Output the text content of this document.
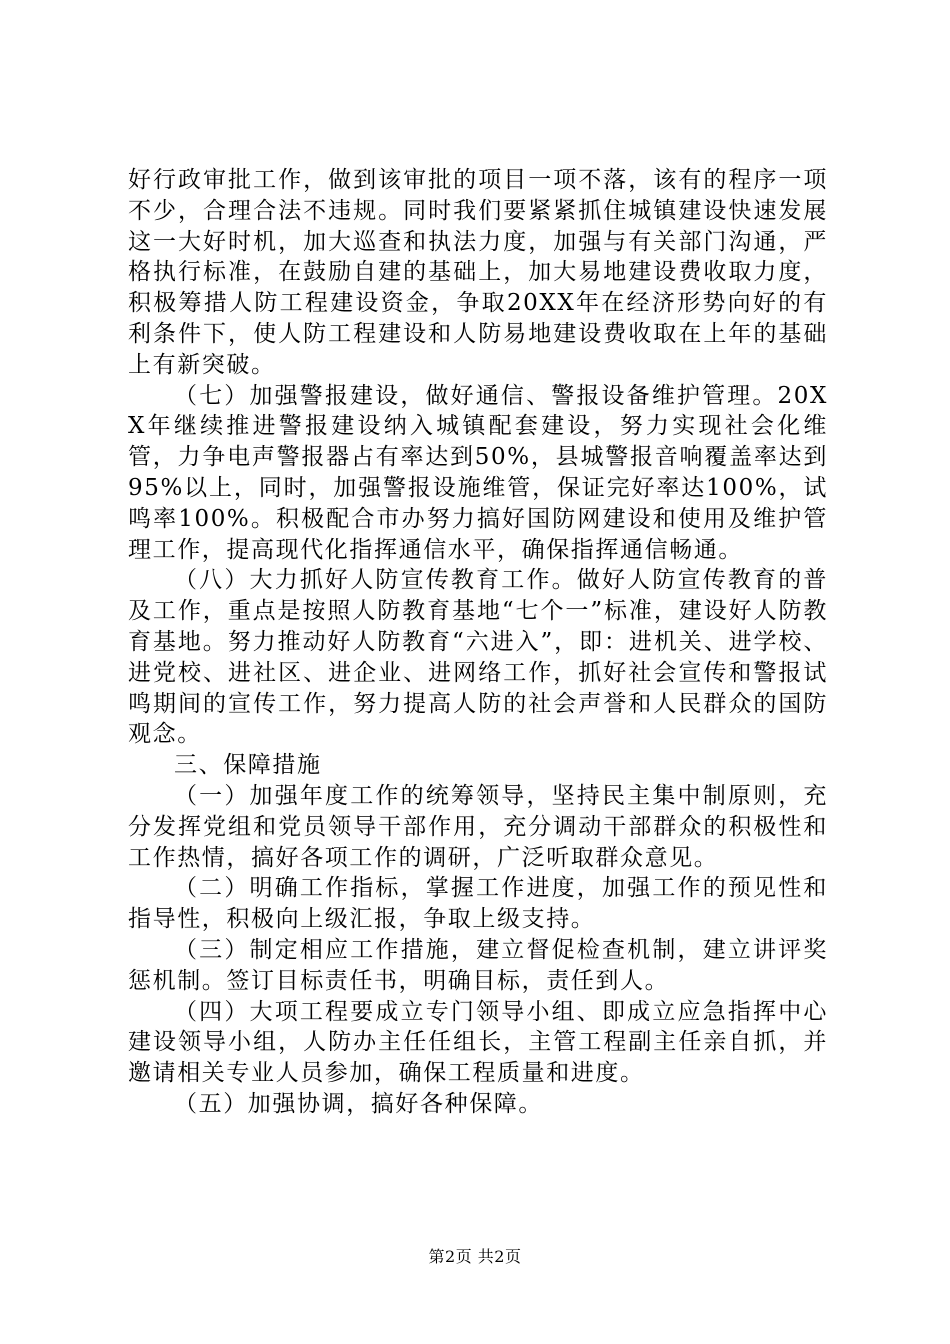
好行政审批工作，做到该审批的项目一项不落，该有的程序一项不少，合理合法不违规。同时我们要紧紧抓住城镇建设快速发展这一大好时机，加大巡查和执法力度，加强与有关部门沟通，严格执行标准，在鼓励自建的基础上，加大易地建设费收取力度，积极筹措人防工程建设资金，争取20XX年在经济形势向好的有利条件下，使人防工程建设和人防易地建设费收取在上年的基础上有新突破。

（七）加强警报建设，做好通信、警报设备维护管理。20XX年继续推进警报建设纳入城镇配套建设，努力实现社会化维管，力争电声警报器占有率达到50%，县城警报音响覆盖率达到95%以上，同时，加强警报设施维管，保证完好率达100%，试鸣率100%。积极配合市办努力搞好国防网建设和使用及维护管理工作，提高现代化指挥通信水平，确保指挥通信畅通。

（八）大力抓好人防宣传教育工作。做好人防宣传教育的普及工作，重点是按照人防教育基地“七个一”标准，建设好人防教育基地。努力推动好人防教育“六进入”，即：进机关、进学校、进党校、进社区、进企业、进网络工作，抓好社会宣传和警报试鸣期间的宣传工作，努力提高人防的社会声誉和人民群众的国防观念。

三、保障措施

（一）加强年度工作的统筹领导，坚持民主集中制原则，充分发挥党组和党员领导干部作用，充分调动干部群众的积极性和工作热情，搞好各项工作的调研，广泛听取群众意见。

（二）明确工作指标，掌握工作进度，加强工作的预见性和指导性，积极向上级汇报，争取上级支持。

（三）制定相应工作措施，建立督促检查机制，建立讲评奖惩机制。签订目标责任书，明确目标，责任到人。

（四）大项工程要成立专门领导小组、即成立应急指挥中心建设领导小组，人防办主任任组长，主管工程副主任亲自抓，并邀请相关专业人员参加，确保工程质量和进度。

（五）加强协调，搞好各种保障。

第2页 共2页
